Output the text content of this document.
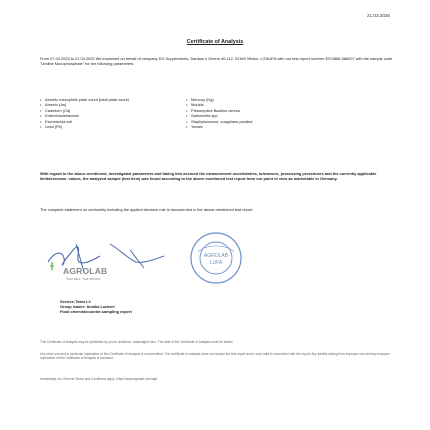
21.03.2025
Certificate of Analysis
From 07.03.2025 to 21.03.2025 We examined on behalf of company DG Supplements, Dariaus ir Gireno 40-112, 02189 Vilnius, LITAUEN with our test report number 3574866-588207 with the sample code "Undine Monophosphate" for the following parameters:
• Aerobic mesophilic plate count (total plate count)
• Arsenic (As)
• Cadmium (Cd)
• Enterobacteriaceae
• Escherichia coli
• Lead (Pb)
• Mercury (Hg)
• Moulds
• Presumptive Bacillus cereus
• Salmonella spp
• Staphylococcus, coagulase-positive
• Yeasts
With regard to the above-mentioned, investigated parameters and taking into account the measurement uncertainties, tolerances, processing procedures and the currently applicable limits/recomm. values, the analyzed sample (test item) was found according to the above mentioned test report from our point of view as marketable in Germany.
The complete statement on conformity including the applied decision rule is documented in the above-mentioned test report.
AGROLAB
Your labs. Your service.
AGROLAB
LUFA
Service-Team L2
Group leader: Annika Luderer
Food chemist/counter-sampling expert
This Certificate of Analysis may be published by you in unaltered, unabridged form. The date of the Certificate of Analysis must be stated.
Any other use and in particular duplication of this Certificate of Analysis is not permitted. The certificate of analysis does not replace the test report and is only valid in connection with the report. Any liability arising from improper use and any improper duplication of this Certificate of Analysis is excluded.
Incidentally, our General Terms and Conditions apply: https://www.agrolab.com/agb
